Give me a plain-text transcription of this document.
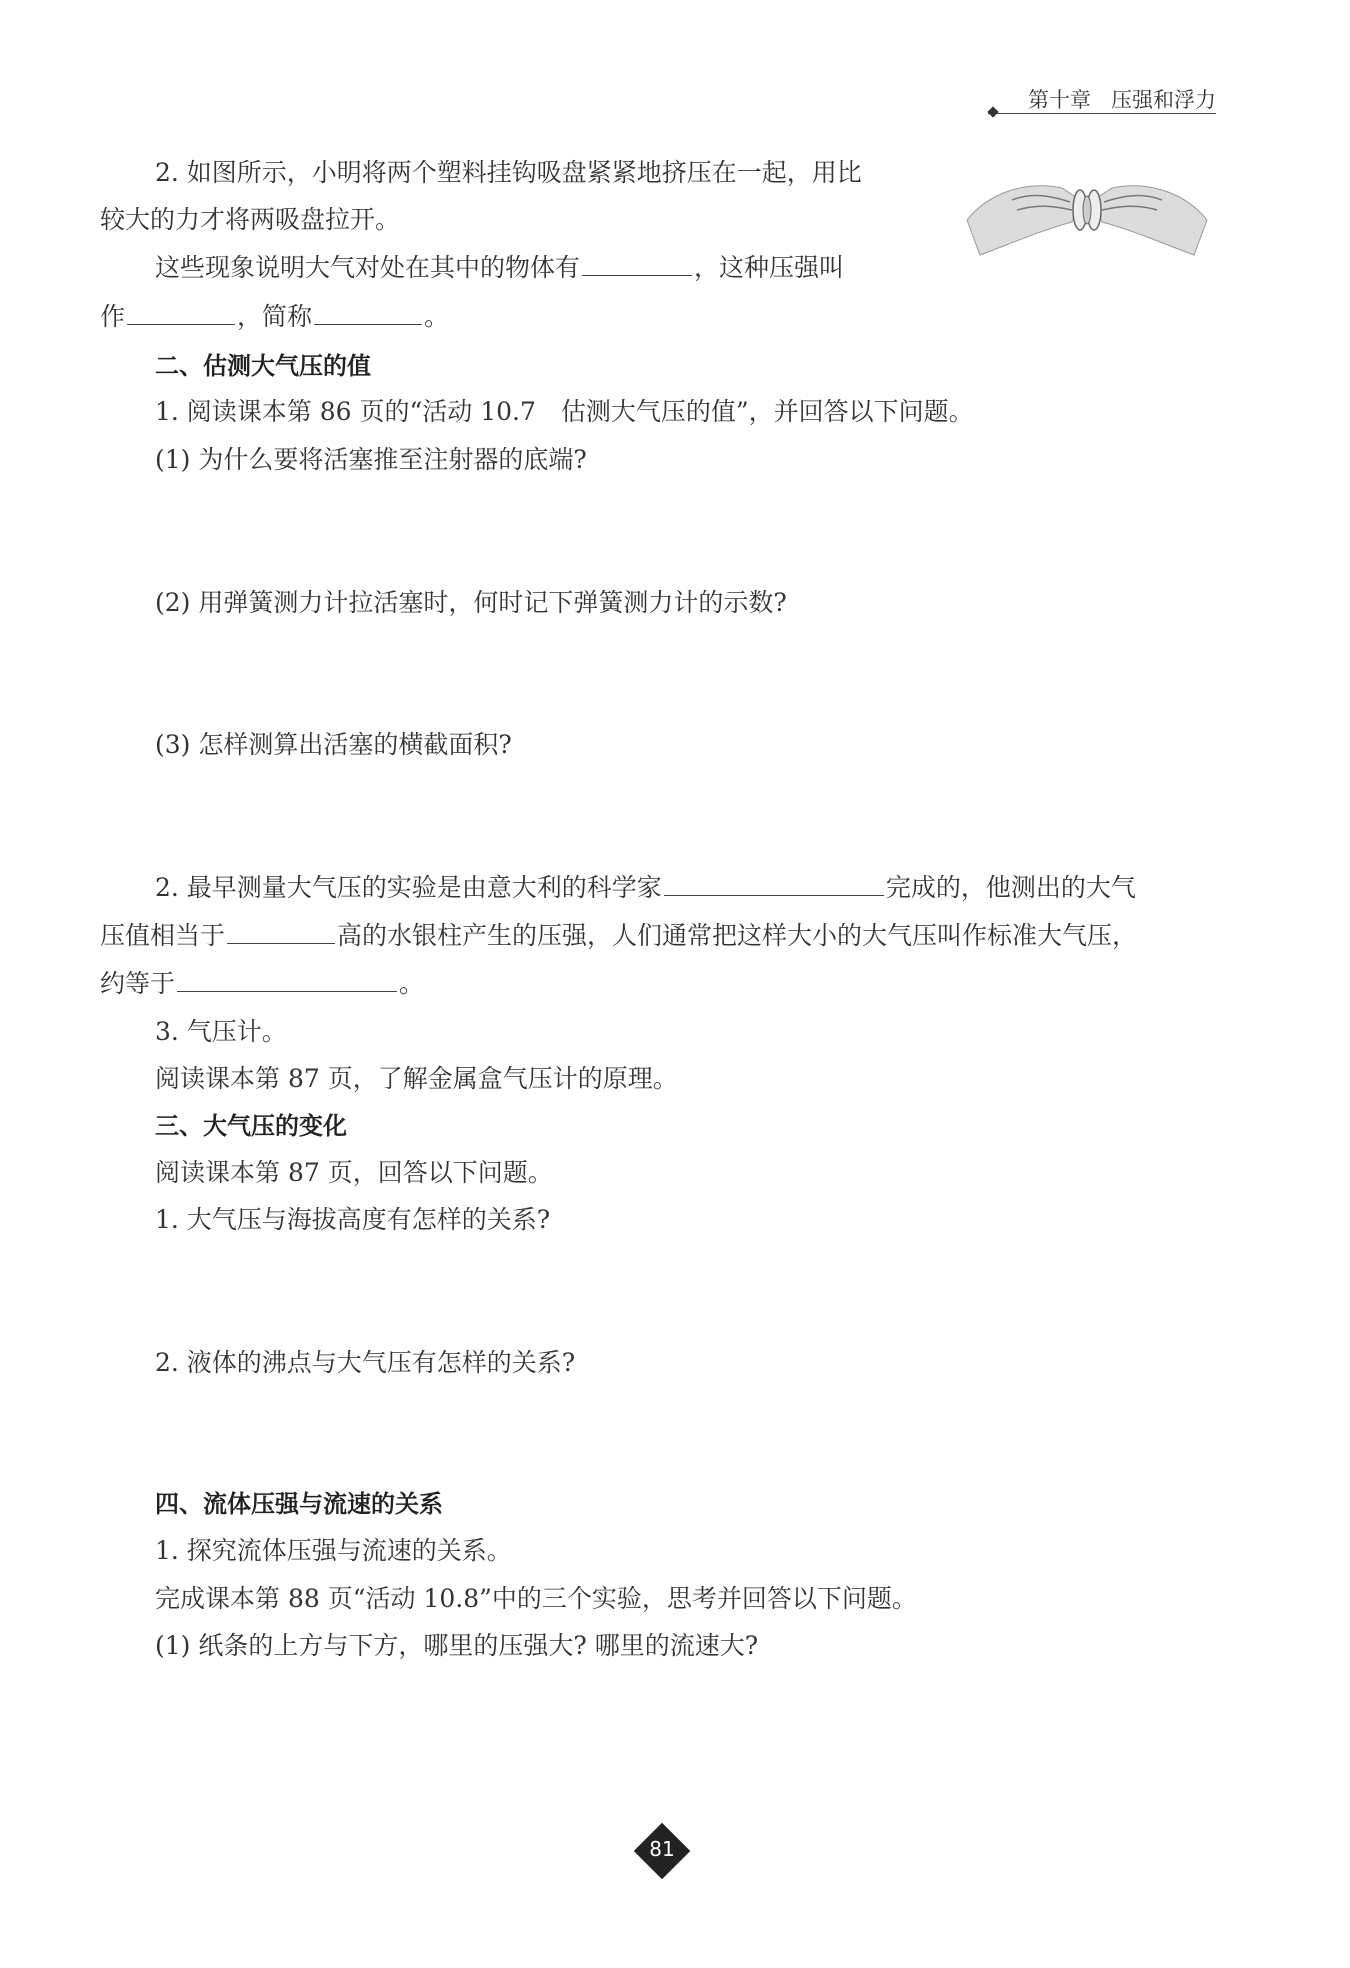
第十章 压强和浮力
2. 如图所示，小明将两个塑料挂钩吸盘紧紧地挤压在一起，用比
较大的力才将两吸盘拉开。
这些现象说明大气对处在其中的物体有	，这种压强叫
作	，简称	。
二、估测大气压的值
1. 阅读课本第 86 页的“活动 10.7　估测大气压的值”，并回答以下问题。
(1) 为什么要将活塞推至注射器的底端?
(2) 用弹簧测力计拉活塞时，何时记下弹簧测力计的示数?
(3) 怎样测算出活塞的横截面积?
2. 最早测量大气压的实验是由意大利的科学家	完成的，他测出的大气
压值相当于	高的水银柱产生的压强，人们通常把这样大小的大气压叫作标准大气压，
约等于	。
3. 气压计。
阅读课本第 87 页，了解金属盒气压计的原理。
三、大气压的变化
阅读课本第 87 页，回答以下问题。
1. 大气压与海拔高度有怎样的关系?
2. 液体的沸点与大气压有怎样的关系?
四、流体压强与流速的关系
1. 探究流体压强与流速的关系。
完成课本第 88 页“活动 10.8”中的三个实验，思考并回答以下问题。
(1) 纸条的上方与下方，哪里的压强大? 哪里的流速大?
81
